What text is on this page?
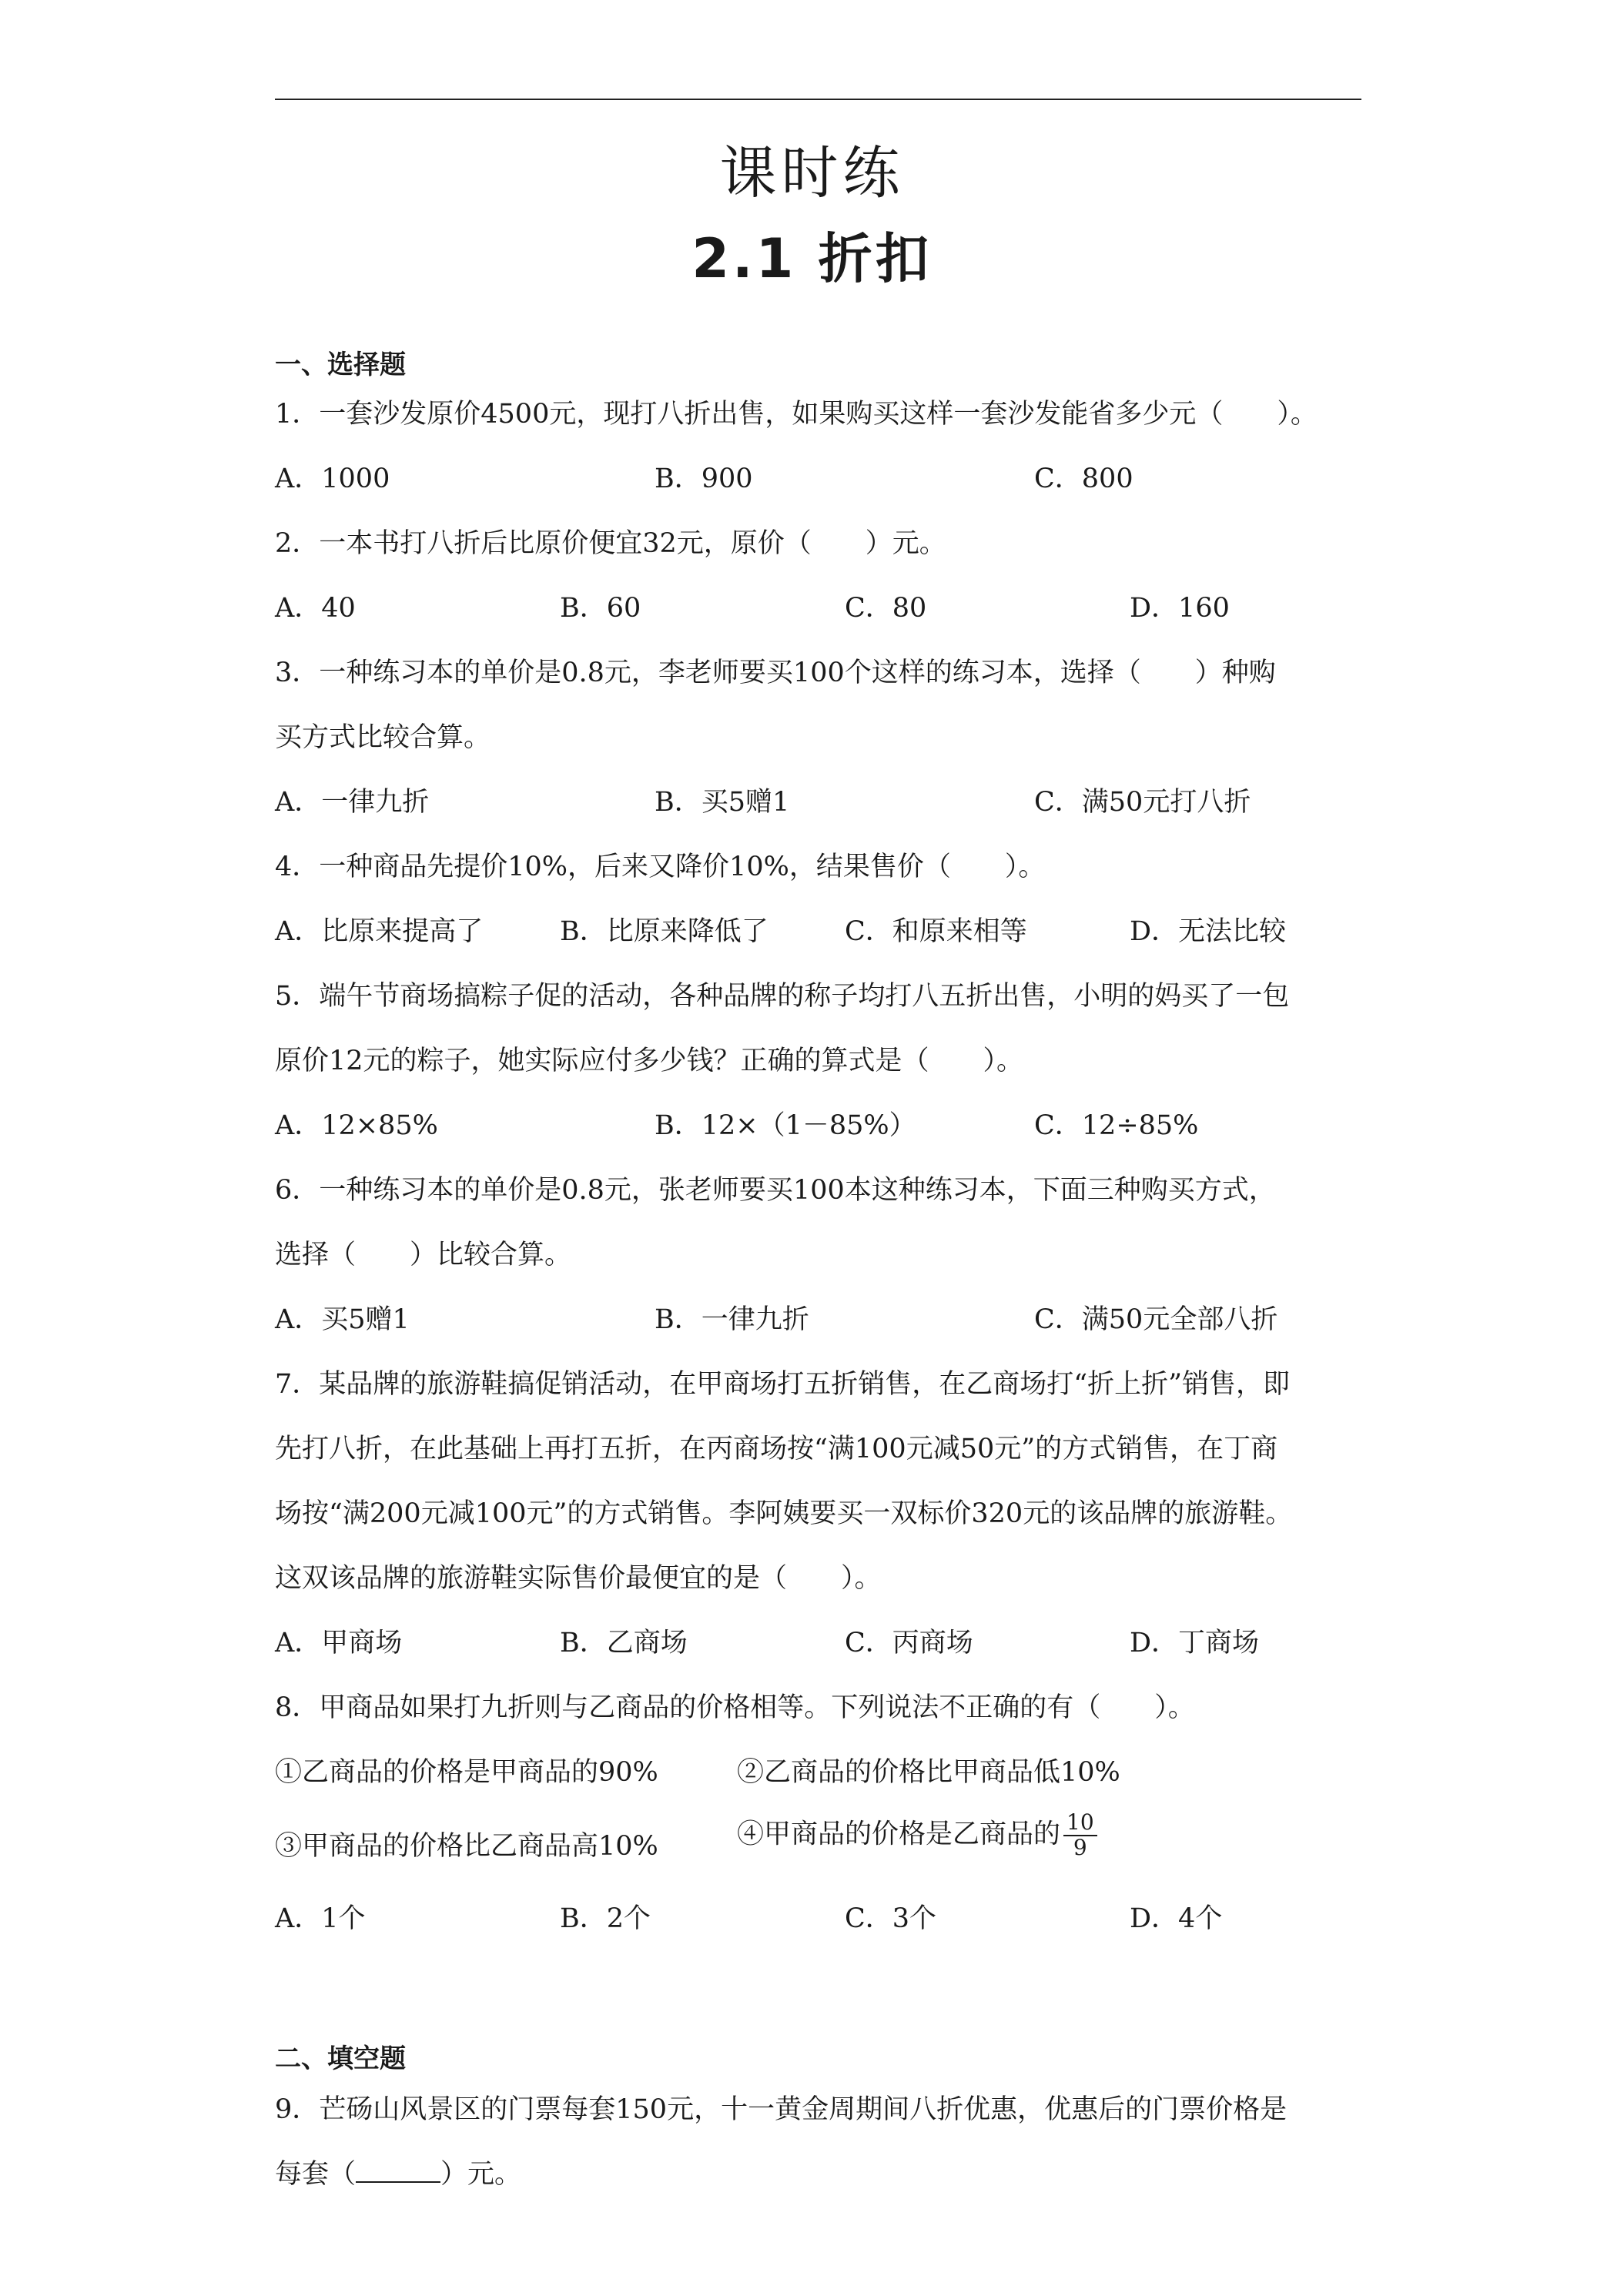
课时练
2.1 折扣
一、选择题
1．一套沙发原价4500元，现打八折出售，如果购买这样一套沙发能省多少元（　　）。
A．1000	B．900	C．800
2．一本书打八折后比原价便宜32元，原价（　　）元。
A．40	B．60	C．80	D．160
3．一种练习本的单价是0.8元，李老师要买100个这样的练习本，选择（　　）种购
买方式比较合算。
A．一律九折	B．买5赠1	C．满50元打八折
4．一种商品先提价10%，后来又降价10%，结果售价（　　）。
A．比原来提高了	B．比原来降低了	C．和原来相等	D．无法比较
5．端午节商场搞粽子促的活动，各种品牌的称子均打八五折出售，小明的妈买了一包
原价12元的粽子，她实际应付多少钱？正确的算式是（　　）。
A．12×85%	B．12×（1－85%）	C．12÷85%
6．一种练习本的单价是0.8元，张老师要买100本这种练习本，下面三种购买方式，
选择（　　）比较合算。
A．买5赠1	B．一律九折	C．满50元全部八折
7．某品牌的旅游鞋搞促销活动，在甲商场打五折销售，在乙商场打“折上折”销售，即
先打八折，在此基础上再打五折，在丙商场按“满100元减50元”的方式销售，在丁商
场按“满200元减100元”的方式销售。李阿姨要买一双标价320元的该品牌的旅游鞋。
这双该品牌的旅游鞋实际售价最便宜的是（　　）。
A．甲商场	B．乙商场	C．丙商场	D．丁商场
8．甲商品如果打九折则与乙商品的价格相等。下列说法不正确的有（　　）。
①乙商品的价格是甲商品的90%	②乙商品的价格比甲商品低10%
③甲商品的价格比乙商品高10%	④甲商品的价格是乙商品的 $\frac{10}{9}$
A．1个	B．2个	C．3个	D．4个
二、填空题
9．芒砀山风景区的门票每套150元，十一黄金周期间八折优惠，优惠后的门票价格是
每套（	）元。
